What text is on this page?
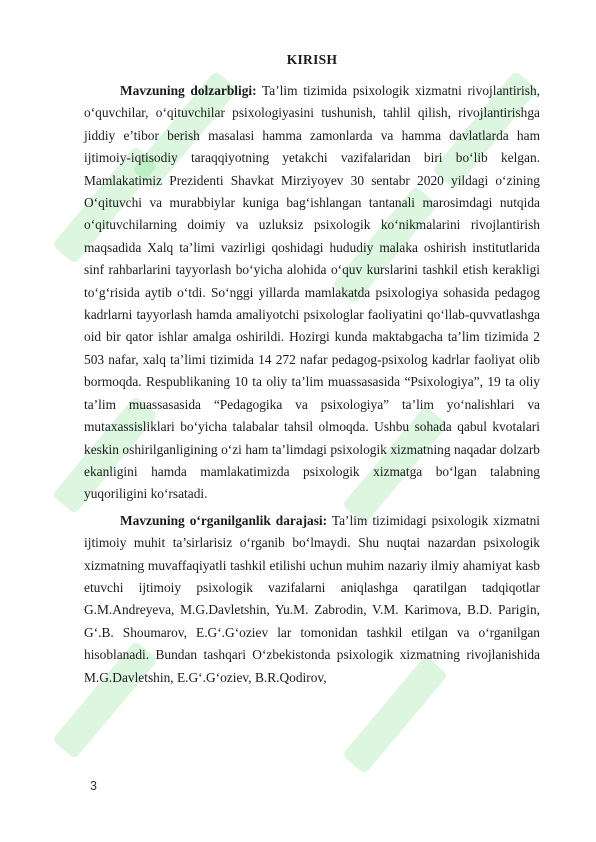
KIRISH

Mavzuning dolzarbligi: Ta’lim tizimida psixologik xizmatni rivojlantirish, o‘quvchilar, o‘qituvchilar psixologiyasini tushunish, tahlil qilish, rivojlantirishga jiddiy e’tibor berish masalasi hamma zamonlarda va hamma davlatlarda ham ijtimoiy-iqtisodiy taraqqiyotning yetakchi vazifalaridan biri bo‘lib kelgan. Mamlakatimiz Prezidenti Shavkat Mirziyoyev 30 sentabr 2020 yildagi o‘zining O‘qituvchi va murabbiylar kuniga bag‘ishlangan tantanali marosimdagi nutqida o‘qituvchilarning doimiy va uzluksiz psixologik ko‘nikmalarini rivojlantirish maqsadida Xalq ta’limi vazirligi qoshidagi hududiy malaka oshirish institutlarida sinf rahbarlarini tayyorlash bo‘yicha alohida o‘quv kurslarini tashkil etish kerakligi to‘g‘risida aytib o‘tdi. So‘nggi yillarda mamlakatda psixologiya sohasida pedagog kadrlarni tayyorlash hamda amaliyotchi psixologlar faoliyatini qo‘llab-quvvatlashga oid bir qator ishlar amalga oshirildi. Hozirgi kunda maktabgacha ta’lim tizimida 2 503 nafar, xalq ta’limi tizimida 14 272 nafar pedagog-psixolog kadrlar faoliyat olib bormoqda. Respublikaning 10 ta oliy ta’lim muassasasida “Psixologiya”, 19 ta oliy ta’lim muassasasida “Pedagogika va psixologiya” ta’lim yo‘nalishlari va mutaxassisliklari bo‘yicha talabalar tahsil olmoqda. Ushbu sohada qabul kvotalari keskin oshirilganligining o‘zi ham ta’limdagi psixologik xizmatning naqadar dolzarb ekanligini hamda mamlakatimizda psixologik xizmatga bo‘lgan talabning yuqoriligini ko‘rsatadi.

Mavzuning o‘rganilganlik darajasi: Ta’lim tizimidagi psixologik xizmatni ijtimoiy muhit ta’sirlarisiz o‘rganib bo‘lmaydi. Shu nuqtai nazardan psixologik xizmatning muvaffaqiyatli tashkil etilishi uchun muhim nazariy ilmiy ahamiyat kasb etuvchi ijtimoiy psixologik vazifalarni aniqlashga qaratilgan tadqiqotlar G.M.Andreyeva, M.G.Davletshin, Yu.M. Zabrodin, V.M. Karimova, B.D. Parigin, G‘.B. Shoumarov, E.G‘.G‘oziev lar tomonidan tashkil etilgan va o‘rganilgan hisoblanadi. Bundan tashqari O‘zbekistonda psixologik xizmatning rivojlanishida M.G.Davletshin, E.G‘.G‘oziev, B.R.Qodirov,

3
